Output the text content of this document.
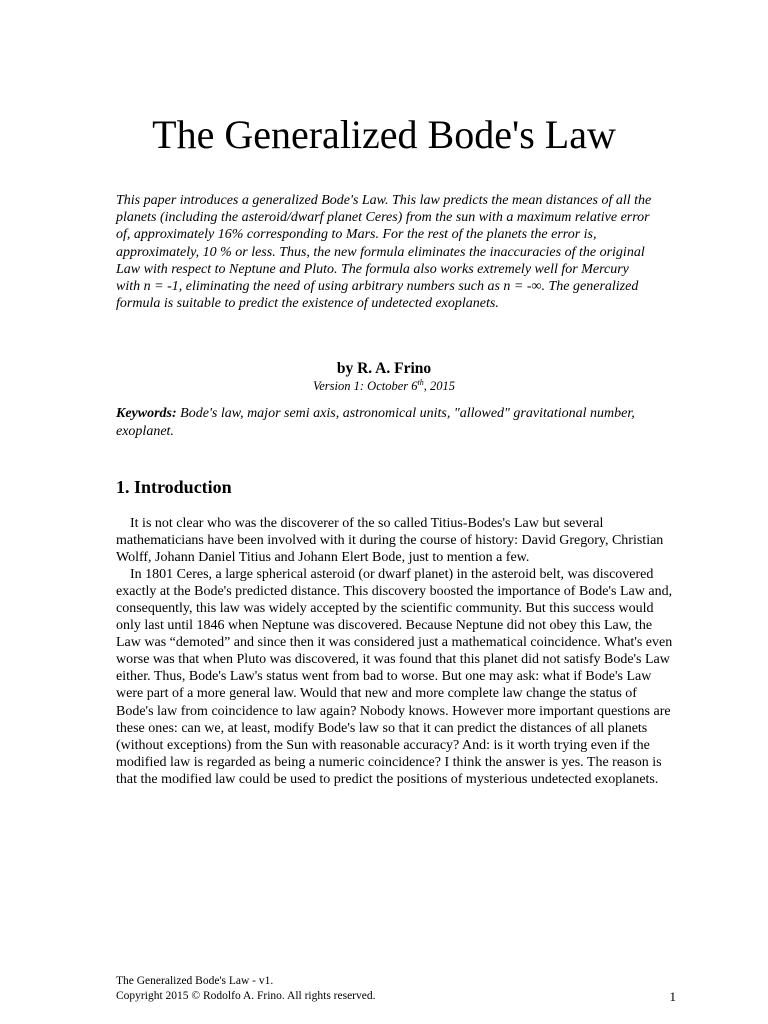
The Generalized Bode's Law

This paper introduces a generalized Bode's Law. This law predicts the mean distances of all the planets (including the asteroid/dwarf planet Ceres) from the sun with a maximum relative error of, approximately 16% corresponding to Mars. For the rest of the planets the error is, approximately, 10 % or less. Thus, the new formula eliminates the inaccuracies of the original Law with respect to Neptune and Pluto. The formula also works extremely well for Mercury with n = -1, eliminating the need of using arbitrary numbers such as n = -∞. The generalized formula is suitable to predict the existence of undetected exoplanets.

by R. A. Frino

Version 1: October 6th, 2015

Keywords: Bode's law, major semi axis, astronomical units, "allowed" gravitational number, exoplanet.

1. Introduction

It is not clear who was the discoverer of the so called Titius-Bodes's Law but several mathematicians have been involved with it during the course of history: David Gregory, Christian Wolff, Johann Daniel Titius and Johann Elert Bode, just to mention a few.

In 1801 Ceres, a large spherical asteroid (or dwarf planet) in the asteroid belt, was discovered exactly at the Bode's predicted distance. This discovery boosted the importance of Bode's Law and, consequently, this law was widely accepted by the scientific community. But this success would only last until 1846 when Neptune was discovered. Because Neptune did not obey this Law, the Law was “demoted” and since then it was considered just a mathematical coincidence. What's even worse was that when Pluto was discovered, it was found that this planet did not satisfy Bode's Law either. Thus, Bode's Law's status went from bad to worse. But one may ask: what if Bode's Law were part of a more general law. Would that new and more complete law change the status of Bode's law from coincidence to law again? Nobody knows. However more important questions are these ones: can we, at least, modify Bode's law so that it can predict the distances of all planets (without exceptions) from the Sun with reasonable accuracy? And: is it worth trying even if the modified law is regarded as being a numeric coincidence? I think the answer is yes. The reason is that the modified law could be used to predict the positions of mysterious undetected exoplanets.

The Generalized Bode's Law - v1.
Copyright 2015 © Rodolfo A. Frino. All rights reserved.	1
